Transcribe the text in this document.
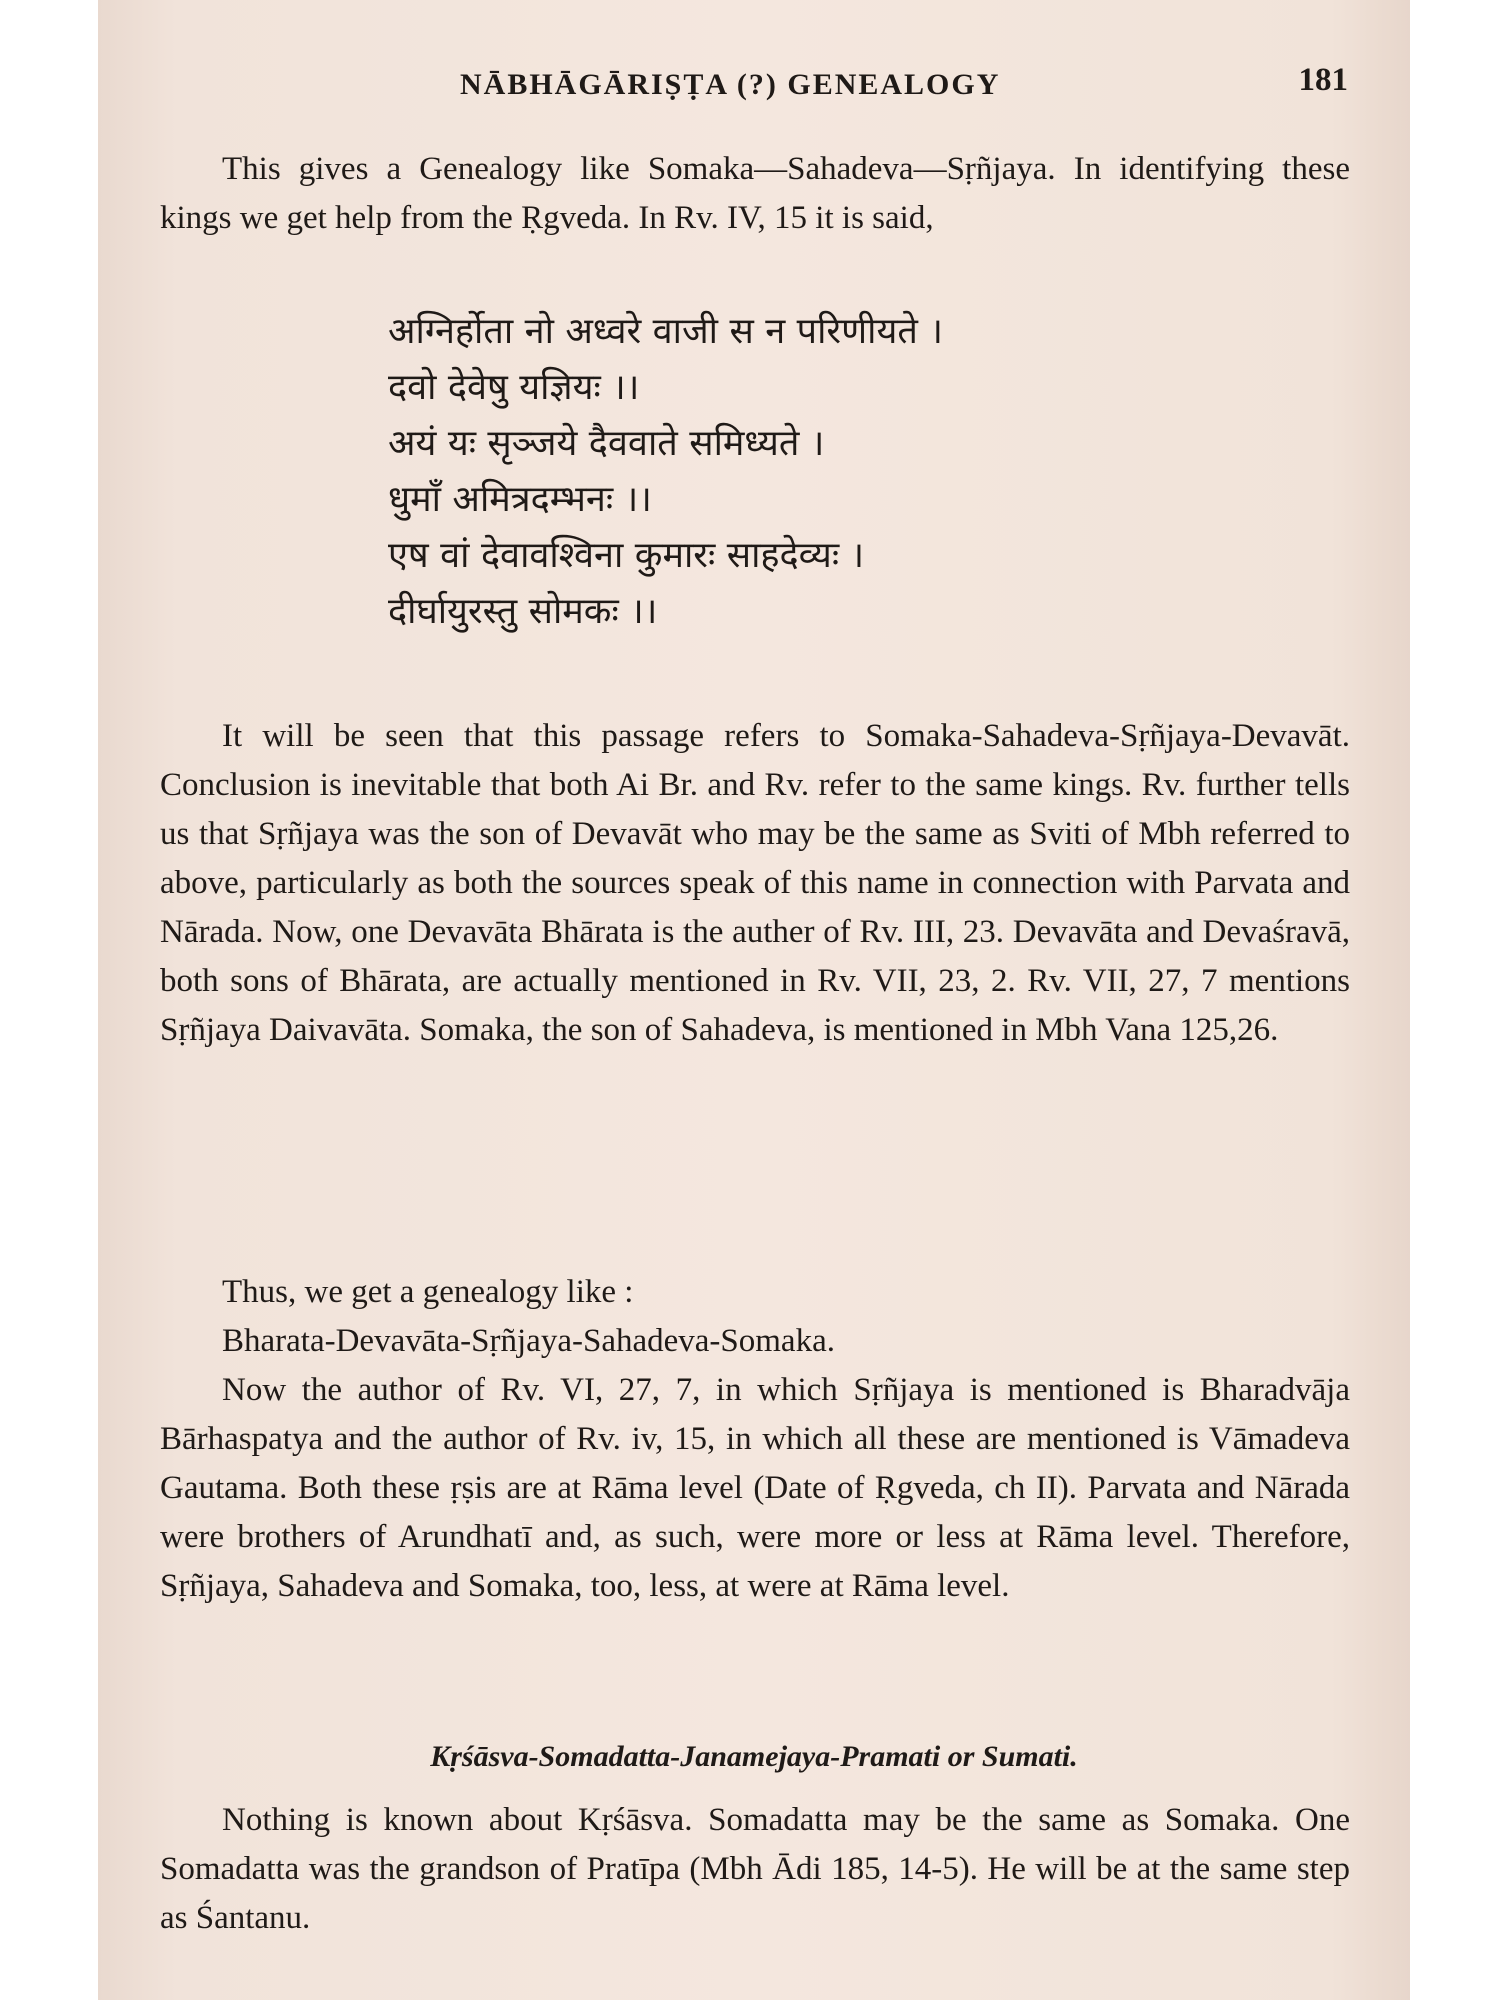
NĀBHĀGĀRIṢṬA (?) GENEALOGY	181

This gives a Genealogy like Somaka—Sahadeva—Sṛñjaya. In identifying these kings we get help from the Ṛgveda. In Rv. IV, 15 it is said,

अग्निर्होता नो अध्वरे वाजी स न परिणीयते ।
दवो देवेषु यज्ञियः ।।
अयं यः सृञ्जये दैववाते समिध्यते ।
धुमाँ अमित्रदम्भनः ।।
एष वां देवावश्विना कुमारः साहदेव्यः ।
दीर्घायुरस्तु सोमकः ।।

It will be seen that this passage refers to Somaka-Sahadeva-Sṛñjaya-Devavāt. Conclusion is inevitable that both Ai Br. and Rv. refer to the same kings. Rv. further tells us that Sṛñjaya was the son of Devavāt who may be the same as Sviti of Mbh referred to above, particularly as both the sources speak of this name in connection with Parvata and Nārada. Now, one Devavāta Bhārata is the auther of Rv. III, 23. Devavāta and Devaśravā, both sons of Bhārata, are actually mentioned in Rv. VII, 23, 2. Rv. VII, 27, 7 mentions Sṛñjaya Daivavāta. Somaka, the son of Sahadeva, is mentioned in Mbh Vana 125,26.

Thus, we get a genealogy like :

Bharata-Devavāta-Sṛñjaya-Sahadeva-Somaka.

Now the author of Rv. VI, 27, 7, in which Sṛñjaya is mentioned is Bharadvāja Bārhaspatya and the author of Rv. iv, 15, in which all these are mentioned is Vāmadeva Gautama. Both these ṛṣis are at Rāma level (Date of Ṛgveda, ch II). Parvata and Nārada were brothers of Arundhatī and, as such, were more or less at Rāma level. Therefore, Sṛñjaya, Sahadeva and Somaka, too, less, at were at Rāma level.

Kṛśāsva-Somadatta-Janamejaya-Pramati or Sumati.

Nothing is known about Kṛśāsva. Somadatta may be the same as Somaka. One Somadatta was the grandson of Pratīpa (Mbh Ādi 185, 14-5). He will be at the same step as Śantanu.
